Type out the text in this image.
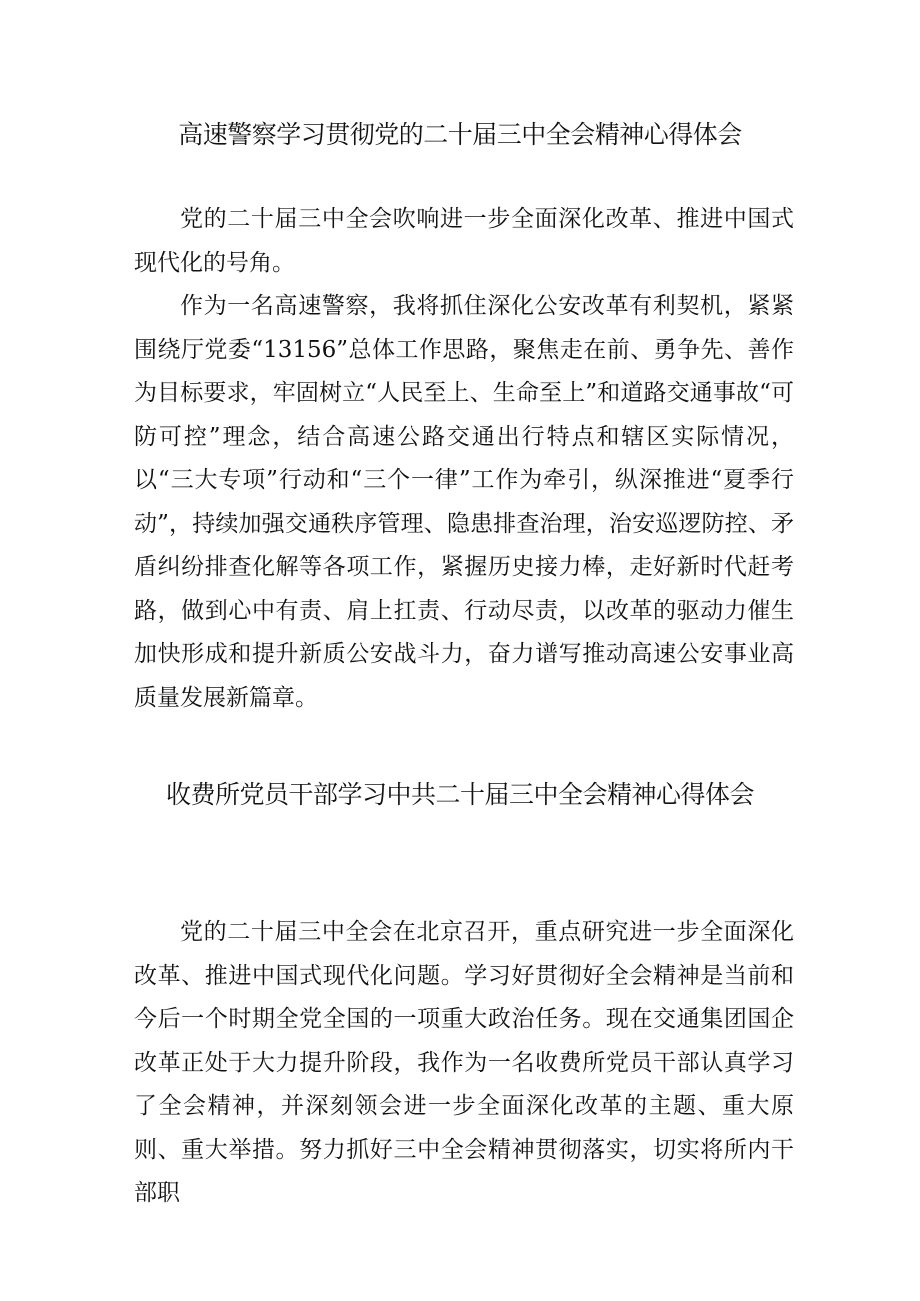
高速警察学习贯彻党的二十届三中全会精神心得体会

党的二十届三中全会吹响进一步全面深化改革、推进中国式现代化的号角。

作为一名高速警察，我将抓住深化公安改革有利契机，紧紧围绕厅党委“13156”总体工作思路，聚焦走在前、勇争先、善作为目标要求，牢固树立“人民至上、生命至上”和道路交通事故“可防可控”理念，结合高速公路交通出行特点和辖区实际情况，以“三大专项”行动和“三个一律”工作为牵引，纵深推进“夏季行动”，持续加强交通秩序管理、隐患排查治理，治安巡逻防控、矛盾纠纷排查化解等各项工作，紧握历史接力棒，走好新时代赶考路，做到心中有责、肩上扛责、行动尽责，以改革的驱动力催生加快形成和提升新质公安战斗力，奋力谱写推动高速公安事业高质量发展新篇章。

收费所党员干部学习中共二十届三中全会精神心得体会

党的二十届三中全会在北京召开，重点研究进一步全面深化改革、推进中国式现代化问题。学习好贯彻好全会精神是当前和今后一个时期全党全国的一项重大政治任务。现在交通集团国企改革正处于大力提升阶段，我作为一名收费所党员干部认真学习了全会精神，并深刻领会进一步全面深化改革的主题、重大原则、重大举措。努力抓好三中全会精神贯彻落实，切实将所内干部职
